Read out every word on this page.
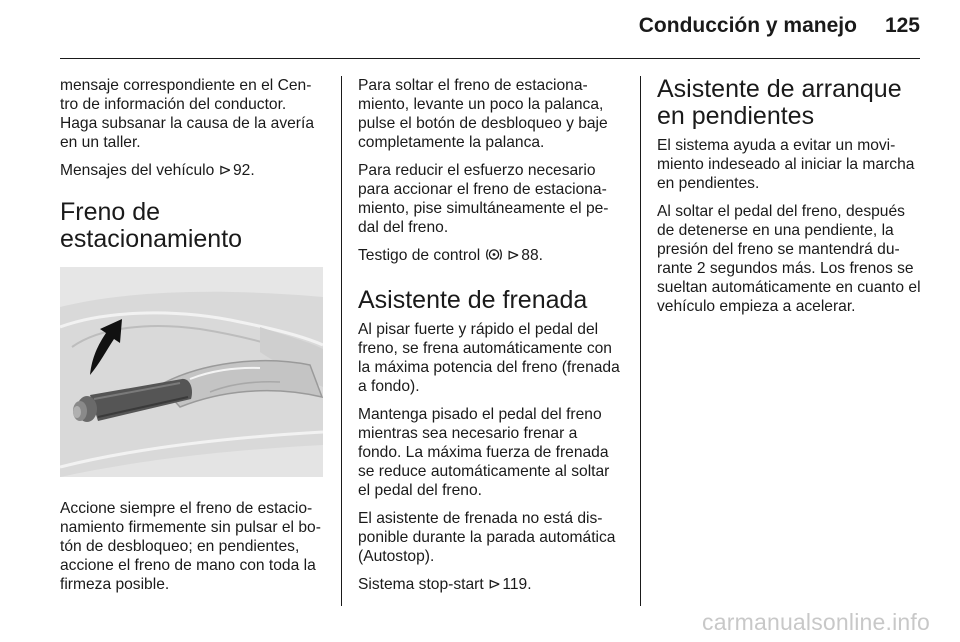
Conducción y manejo 125

mensaje correspondiente en el Cen- tro de información del conductor. Haga subsanar la causa de la avería en un taller.

Mensajes del vehículo ⊳ 92.

Freno de estacionamiento

Accione siempre el freno de estacio- namiento firmemente sin pulsar el bo- tón de desbloqueo; en pendientes, accione el freno de mano con toda la firmeza posible.

Para soltar el freno de estaciona- miento, levante un poco la palanca, pulse el botón de desbloqueo y baje completamente la palanca.

Para reducir el esfuerzo necesario para accionar el freno de estaciona- miento, pise simultáneamente el pe- dal del freno.

Testigo de control ⊳ 88.

Asistente de frenada

Al pisar fuerte y rápido el pedal del freno, se frena automáticamente con la máxima potencia del freno (frenada a fondo).

Mantenga pisado el pedal del freno mientras sea necesario frenar a fondo. La máxima fuerza de frenada se reduce automáticamente al soltar el pedal del freno.

El asistente de frenada no está dis- ponible durante la parada automática (Autostop).

Sistema stop-start ⊳ 119.

Asistente de arranque en pendientes

El sistema ayuda a evitar un movi- miento indeseado al iniciar la marcha en pendientes.

Al soltar el pedal del freno, después de detenerse en una pendiente, la presión del freno se mantendrá du- rante 2 segundos más. Los frenos se sueltan automáticamente en cuanto el vehículo empieza a acelerar.

carmanualsonline.info
